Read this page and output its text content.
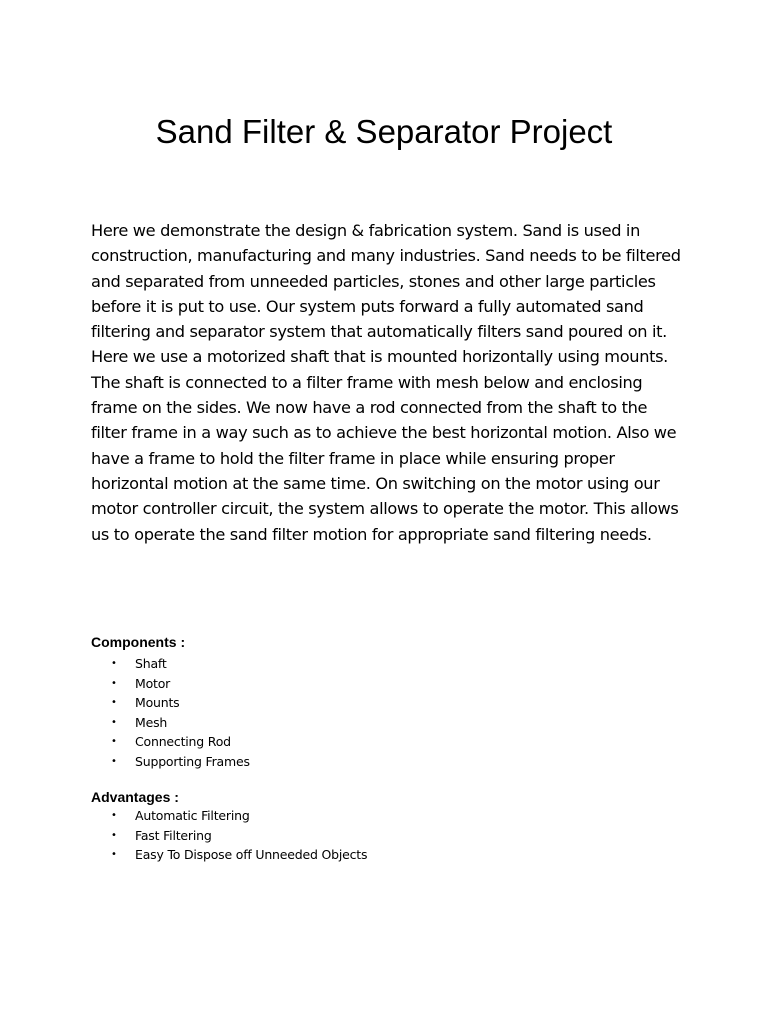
Sand Filter & Separator Project

Here we demonstrate the design & fabrication system. Sand is used in construction, manufacturing and many industries. Sand needs to be filtered and separated from unneeded particles, stones and other large particles before it is put to use. Our system puts forward a fully automated sand filtering and separator system that automatically filters sand poured on it. Here we use a motorized shaft that is mounted horizontally using mounts. The shaft is connected to a filter frame with mesh below and enclosing frame on the sides. We now have a rod connected from the shaft to the filter frame in a way such as to achieve the best horizontal motion. Also we have a frame to hold the filter frame in place while ensuring proper horizontal motion at the same time. On switching on the motor using our motor controller circuit, the system allows to operate the motor. This allows us to operate the sand filter motion for appropriate sand filtering needs.

Components :
• Shaft
• Motor
• Mounts
• Mesh
• Connecting Rod
• Supporting Frames
Advantages :
• Automatic Filtering
• Fast Filtering
• Easy To Dispose off Unneeded Objects
